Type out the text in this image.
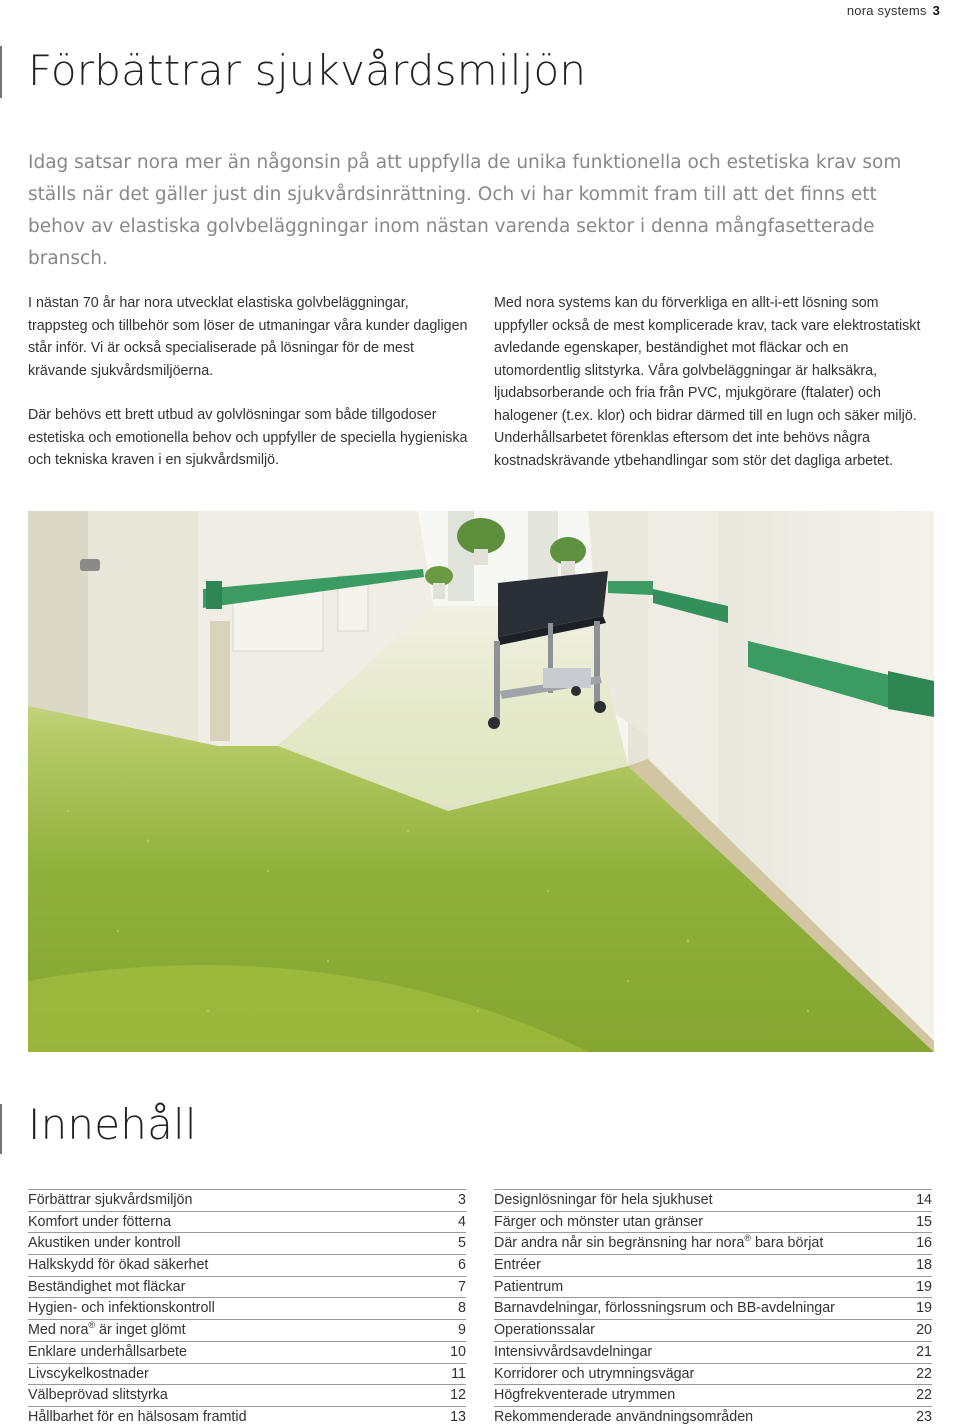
nora systems 3
Förbättrar sjukvårdsmiljön
Idag satsar nora mer än någonsin på att uppfylla de unika funktionella och estetiska krav som ställs när det gäller just din sjukvårdsinrättning. Och vi har kommit fram till att det finns ett behov av elastiska golvbeläggningar inom nästan varenda sektor i denna mångfasetterade bransch.

I nästan 70 år har nora utvecklat elastiska golvbeläggningar, trappsteg och tillbehör som löser de utmaningar våra kunder dagligen står inför. Vi är också specialiserade på lösningar för de mest krävande sjukvårdsmiljöerna.

Där behövs ett brett utbud av golvlösningar som både tillgodoser estetiska och emotionella behov och uppfyller de speciella hygieniska och tekniska kraven i en sjukvårdsmiljö.

Med nora systems kan du förverkliga en allt-i-ett lösning som uppfyller också de mest komplicerade krav, tack vare elektrostatiskt avledande egenskaper, beständighet mot fläckar och en utomordentlig slitstyrka. Våra golvbeläggningar är halksäkra, ljudabsorberande och fria från PVC, mjukgörare (ftalater) och halogener (t.ex. klor) och bidrar därmed till en lugn och säker miljö. Underhållsarbetet förenklas eftersom det inte behövs några kostnadskrävande ytbehandlingar som stör det dagliga arbetet.

Innehåll
Förbättrar sjukvårdsmiljön	3
Komfort under fötterna	4
Akustiken under kontroll	5
Halkskydd för ökad säkerhet	6
Beständighet mot fläckar	7
Hygien- och infektionskontroll	8
Med nora® är inget glömt	9
Enklare underhållsarbete	10
Livscykelkostnader	11
Välbeprövad slitstyrka	12
Hållbarhet för en hälsosam framtid	13
Designlösningar för hela sjukhuset	14
Färger och mönster utan gränser	15
Där andra når sin begränsning har nora® bara börjat	16
Entréer	18
Patientrum	19
Barnavdelningar, förlossningsrum och BB-avdelningar	19
Operationssalar	20
Intensivvårdsavdelningar	21
Korridorer och utrymningsvägar	22
Högfrekventerade utrymmen	22
Rekommenderade användningsområden	23
